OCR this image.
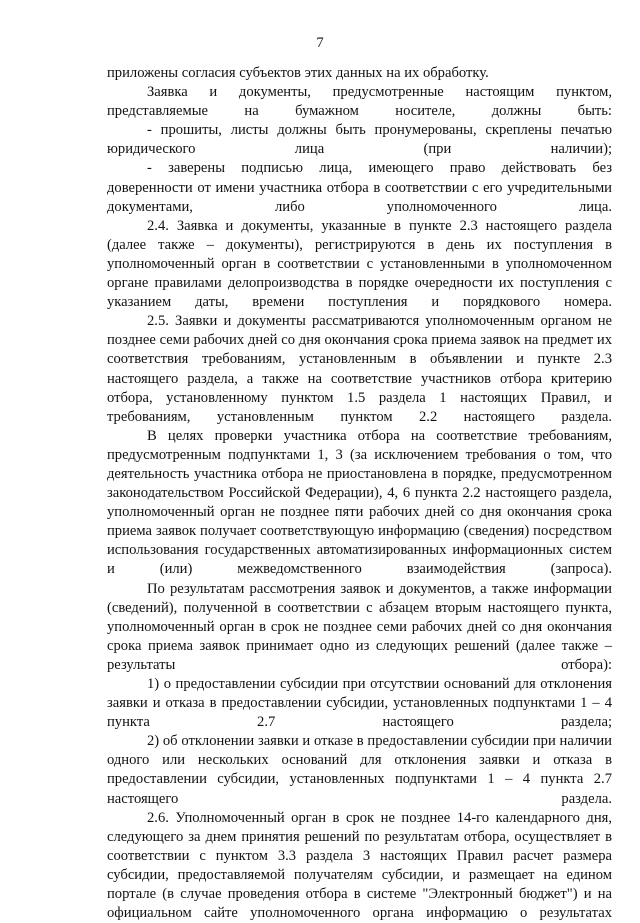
7

приложены согласия субъектов этих данных на их обработку.

Заявка и документы, предусмотренные настоящим пунктом, представляемые на бумажном носителе, должны быть:

- прошиты, листы должны быть пронумерованы, скреплены печатью юридического лица (при наличии);

- заверены подписью лица, имеющего право действовать без доверенности от имени участника отбора в соответствии с его учредительными документами, либо уполномоченного лица.

2.4. Заявка и документы, указанные в пункте 2.3 настоящего раздела (далее также – документы), регистрируются в день их поступления в уполномоченный орган в соответствии с установленными в уполномоченном органе правилами делопроизводства в порядке очередности их поступления с указанием даты, времени поступления и порядкового номера.

2.5. Заявки и документы рассматриваются уполномоченным органом не позднее семи рабочих дней со дня окончания срока приема заявок на предмет их соответствия требованиям, установленным в объявлении и пункте 2.3 настоящего раздела, а также на соответствие участников отбора критерию отбора, установленному пунктом 1.5 раздела 1 настоящих Правил, и требованиям, установленным пунктом 2.2 настоящего раздела.

В целях проверки участника отбора на соответствие требованиям, предусмотренным подпунктами 1, 3 (за исключением требования о том, что деятельность участника отбора не приостановлена в порядке, предусмотренном законодательством Российской Федерации), 4, 6 пункта 2.2 настоящего раздела, уполномоченный орган не позднее пяти рабочих дней со дня окончания срока приема заявок получает соответствующую информацию (сведения) посредством использования государственных автоматизированных информационных систем и (или) межведомственного взаимодействия (запроса).

По результатам рассмотрения заявок и документов, а также информации (сведений), полученной в соответствии с абзацем вторым настоящего пункта, уполномоченный орган в срок не позднее семи рабочих дней со дня окончания срока приема заявок принимает одно из следующих решений (далее также – результаты отбора):

1) о предоставлении субсидии при отсутствии оснований для отклонения заявки и отказа в предоставлении субсидии, установленных подпунктами 1 – 4 пункта 2.7 настоящего раздела;

2) об отклонении заявки и отказе в предоставлении субсидии при наличии одного или нескольких оснований для отклонения заявки и отказа в предоставлении субсидии, установленных подпунктами 1 – 4 пункта 2.7 настоящего раздела.

2.6. Уполномоченный орган в срок не позднее 14-го календарного дня, следующего за днем принятия решений по результатам отбора, осуществляет в соответствии с пунктом 3.3 раздела 3 настоящих Правил расчет размера субсидии, предоставляемой получателям субсидии, и размещает на едином портале (в случае проведения отбора в системе "Электронный бюджет") и на официальном сайте уполномоченного органа информацию о результатах
